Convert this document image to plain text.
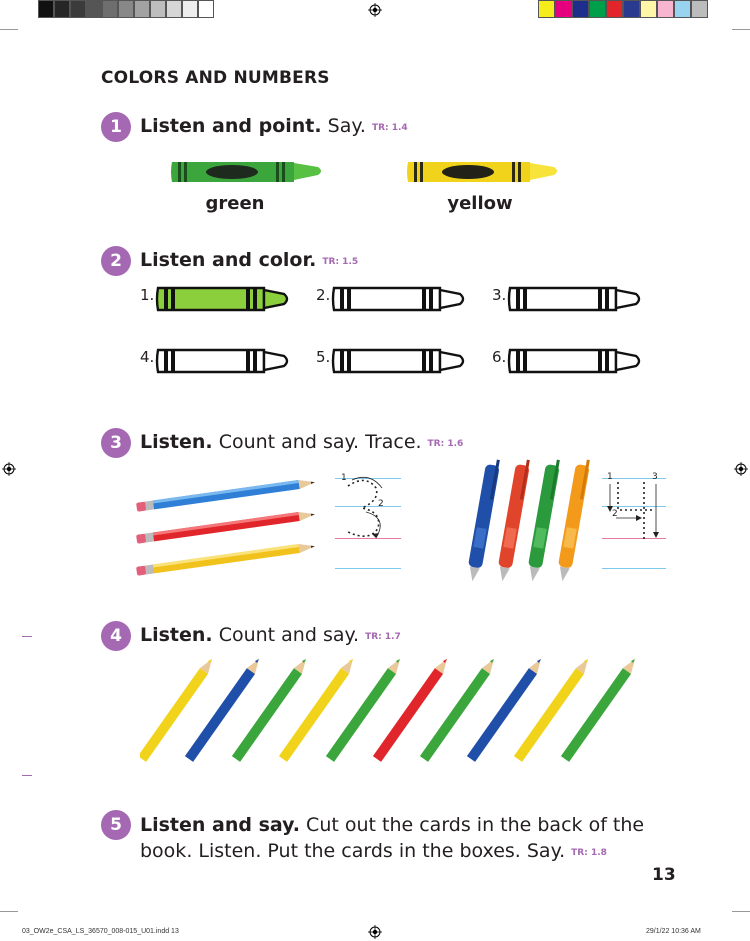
COLORS AND NUMBERS
1 Listen and point. Say. TR: 1.4
green	yellow
2 Listen and color. TR: 1.5
1.	2.	3.
4.	5.	6.
3 Listen. Count and say. Trace. TR: 1.6
1
2
1
2
3
4 Listen. Count and say. TR: 1.7
5 Listen and say. Cut out the cards in the back of the
book. Listen. Put the cards in the boxes. Say. TR: 1.8
13
03_OW2e_CSA_LS_36570_008-015_U01.indd 13	29/1/22 10:36 AM
